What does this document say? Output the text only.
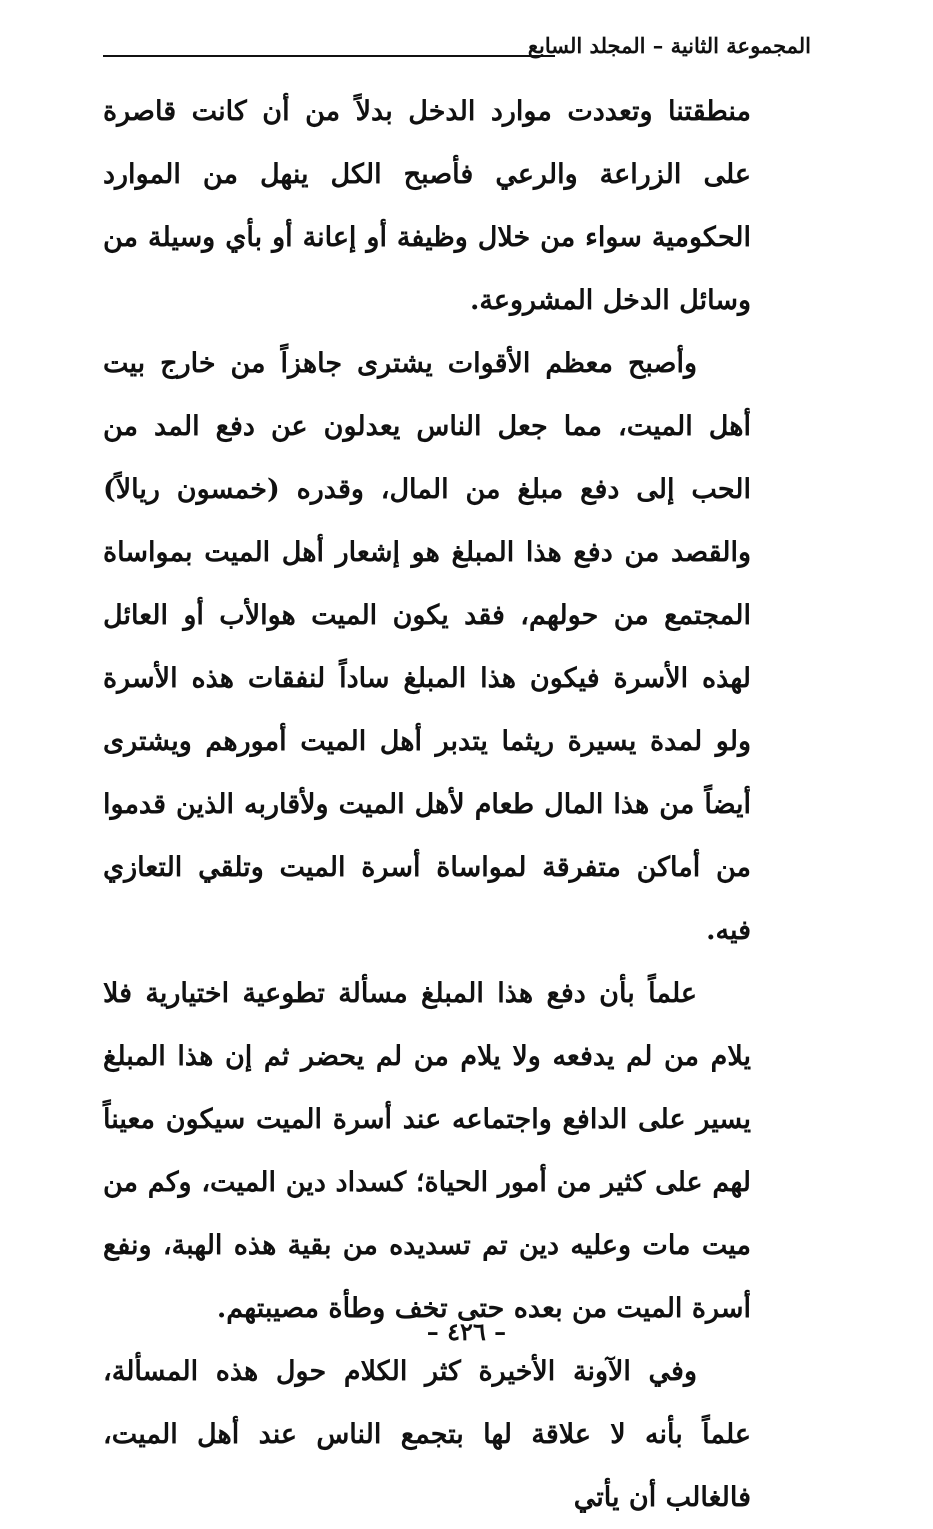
المجموعة الثانية – المجلد السابع

منطقتنا وتعددت موارد الدخل بدلاً من أن كانت قاصرة على الزراعة والرعي فأصبح الكل ينهل من الموارد الحكومية سواء من خلال وظيفة أو إعانة أو بأي وسيلة من وسائل الدخل المشروعة.

وأصبح معظم الأقوات يشترى جاهزاً من خارج بيت أهل الميت، مما جعل الناس يعدلون عن دفع المد من الحب إلى دفع مبلغ من المال، وقدره (خمسون ريالاً) والقصد من دفع هذا المبلغ هو إشعار أهل الميت بمواساة المجتمع من حولهم، فقد يكون الميت هوالأب أو العائل لهذه الأسرة فيكون هذا المبلغ ساداً لنفقات هذه الأسرة ولو لمدة يسيرة ريثما يتدبر أهل الميت أمورهم ويشترى أيضاً من هذا المال طعام لأهل الميت ولأقاربه الذين قدموا من أماكن متفرقة لمواساة أسرة الميت وتلقي التعازي فيه.

علماً بأن دفع هذا المبلغ مسألة تطوعية اختيارية فلا يلام من لم يدفعه ولا يلام من لم يحضر ثم إن هذا المبلغ يسير على الدافع واجتماعه عند أسرة الميت سيكون معيناً لهم على كثير من أمور الحياة؛ كسداد دين الميت، وكم من ميت مات وعليه دين تم تسديده من بقية هذه الهبة، ونفع أسرة الميت من بعده حتى تخف وطأة مصيبتهم.

وفي الآونة الأخيرة كثر الكلام حول هذه المسألة، علماً بأنه لا علاقة لها بتجمع الناس عند أهل الميت، فالغالب أن يأتي

– ٤٢٦ –
